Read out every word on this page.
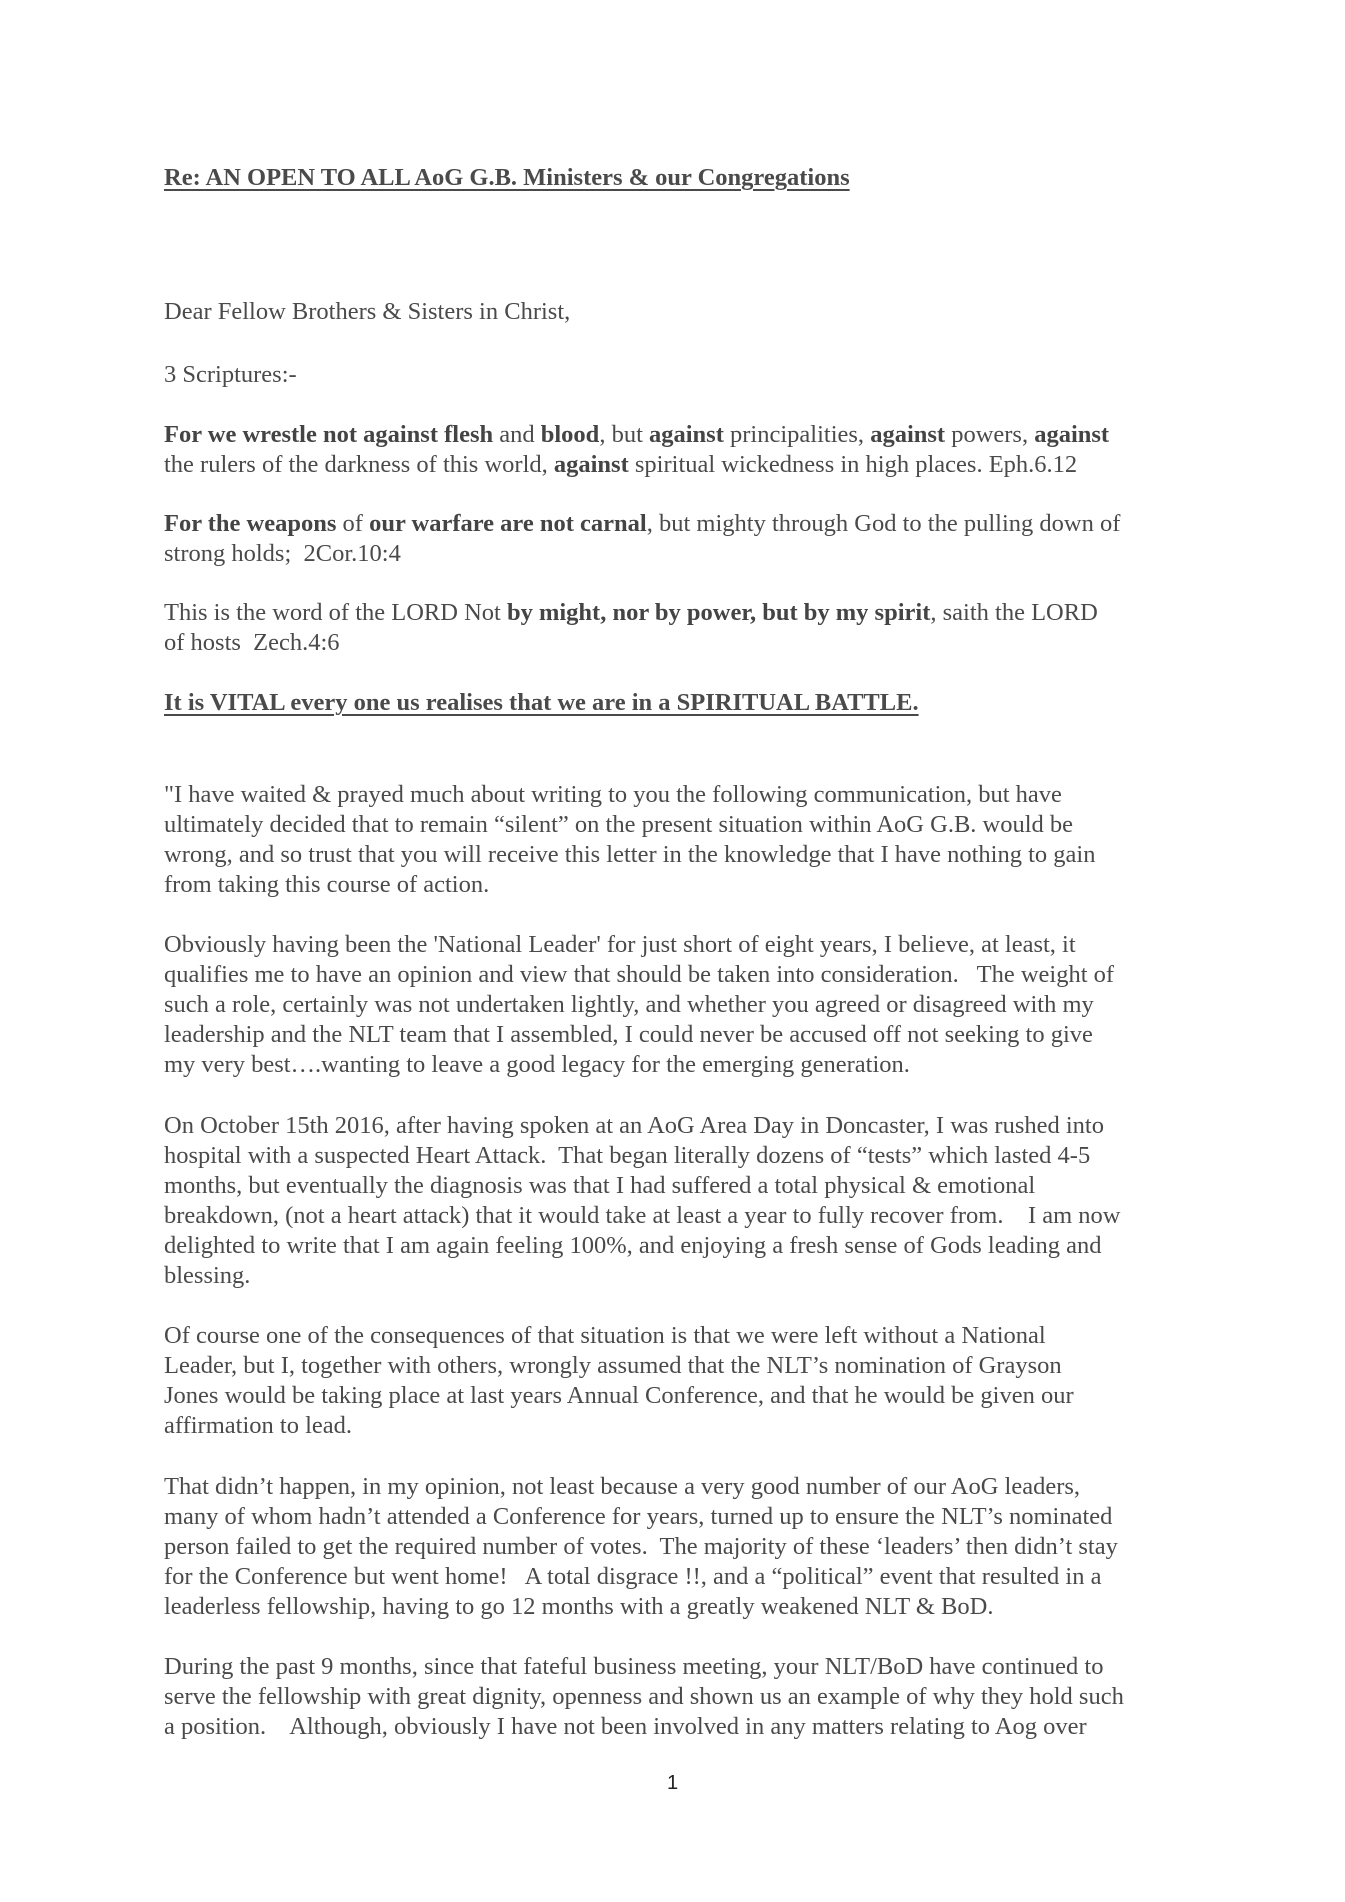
Re: AN OPEN TO ALL AoG G.B. Ministers & our Congregations
Dear Fellow Brothers & Sisters in Christ,
3 Scriptures:-
For we wrestle not against flesh and blood, but against principalities, against powers, against
the rulers of the darkness of this world, against spiritual wickedness in high places. Eph.6.12
For the weapons of our warfare are not carnal, but mighty through God to the pulling down of
strong holds;  2Cor.10:4
This is the word of the LORD Not by might, nor by power, but by my spirit, saith the LORD
of hosts  Zech.4:6
It is VITAL every one us realises that we are in a SPIRITUAL BATTLE.
"I have waited & prayed much about writing to you the following communication, but have
ultimately decided that to remain “silent” on the present situation within AoG G.B. would be
wrong, and so trust that you will receive this letter in the knowledge that I have nothing to gain
from taking this course of action.
Obviously having been the 'National Leader' for just short of eight years, I believe, at least, it
qualifies me to have an opinion and view that should be taken into consideration.   The weight of
such a role, certainly was not undertaken lightly, and whether you agreed or disagreed with my
leadership and the NLT team that I assembled, I could never be accused off not seeking to give
my very best….wanting to leave a good legacy for the emerging generation.
On October 15th 2016, after having spoken at an AoG Area Day in Doncaster, I was rushed into
hospital with a suspected Heart Attack.  That began literally dozens of “tests” which lasted 4-5
months, but eventually the diagnosis was that I had suffered a total physical & emotional
breakdown, (not a heart attack) that it would take at least a year to fully recover from.    I am now
delighted to write that I am again feeling 100%, and enjoying a fresh sense of Gods leading and
blessing.
Of course one of the consequences of that situation is that we were left without a National
Leader, but I, together with others, wrongly assumed that the NLT’s nomination of Grayson
Jones would be taking place at last years Annual Conference, and that he would be given our
affirmation to lead.
That didn’t happen, in my opinion, not least because a very good number of our AoG leaders,
many of whom hadn’t attended a Conference for years, turned up to ensure the NLT’s nominated
person failed to get the required number of votes.  The majority of these ‘leaders’ then didn’t stay
for the Conference but went home!   A total disgrace !!, and a “political” event that resulted in a
leaderless fellowship, having to go 12 months with a greatly weakened NLT & BoD.
During the past 9 months, since that fateful business meeting, your NLT/BoD have continued to
serve the fellowship with great dignity, openness and shown us an example of why they hold such
a position.    Although, obviously I have not been involved in any matters relating to Aog over
1
